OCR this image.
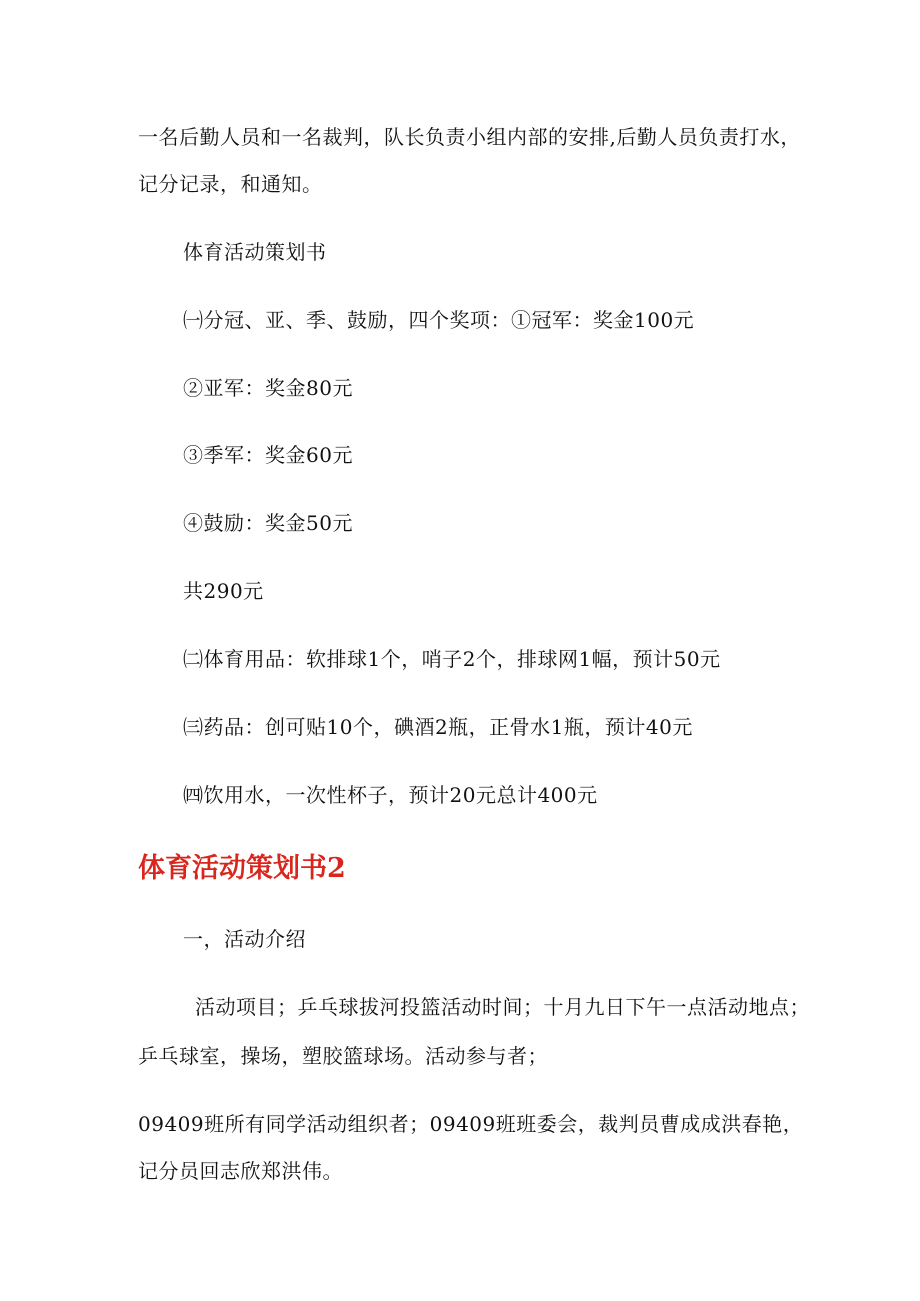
一名后勤人员和一名裁判，队长负责小组内部的安排,后勤人员负责打水，

记分记录，和通知。

体育活动策划书

㈠分冠、亚、季、鼓励，四个奖项：①冠军：奖金100元

②亚军：奖金80元

③季军：奖金60元

④鼓励：奖金50元

共290元

㈡体育用品：软排球1个，哨子2个，排球网1幅，预计50元

㈢药品：创可贴10个，碘酒2瓶，正骨水1瓶，预计40元

㈣饮用水，一次性杯子，预计20元总计400元

体育活动策划书2

一，活动介绍

活动项目；乒乓球拔河投篮活动时间；十月九日下午一点活动地点；

乒乓球室，操场，塑胶篮球场。活动参与者；

09409班所有同学活动组织者；09409班班委会，裁判员曹成成洪春艳，

记分员回志欣郑洪伟。
